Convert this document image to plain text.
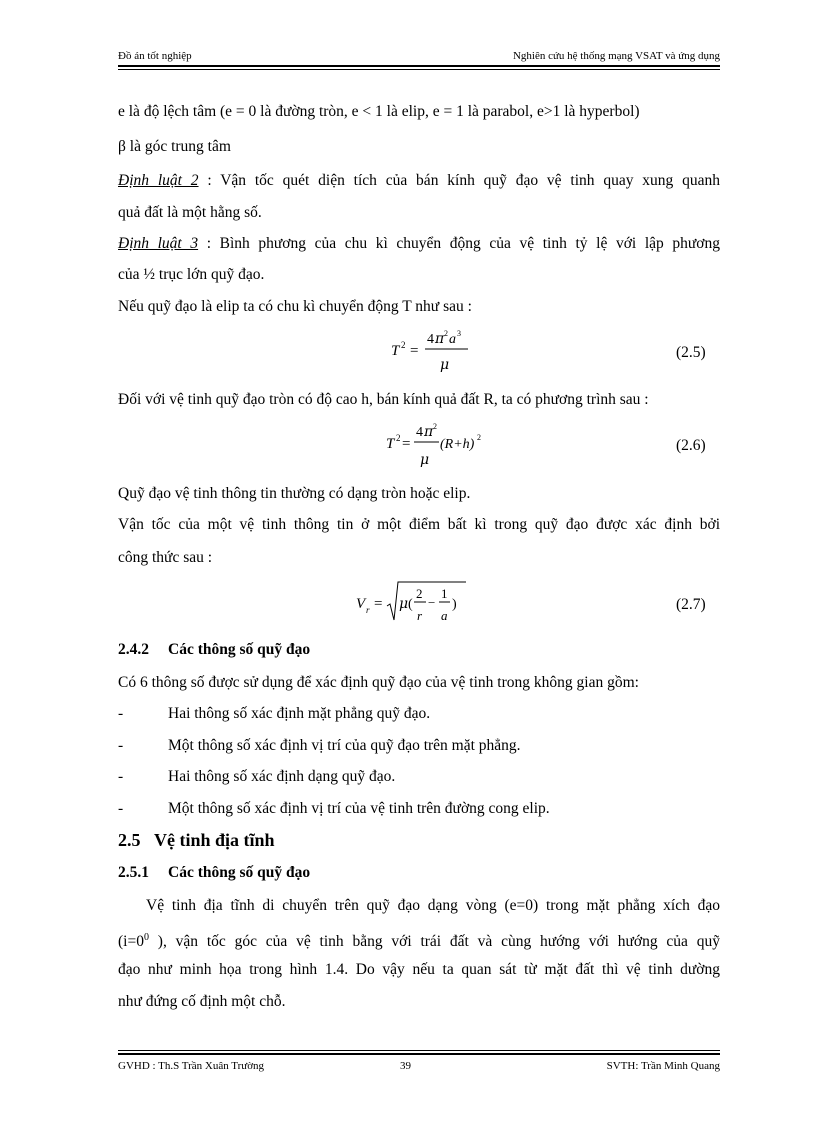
Đồ án tốt nghiệp	Nghiên cứu hệ thống mạng VSAT và ứng dụng
e là độ lệch tâm (e = 0 là đường tròn, e < 1 là elip, e = 1 là parabol, e>1 là hyperbol)
β là góc trung tâm
Định luật 2 : Vận tốc quét diện tích của bán kính quỹ đạo vệ tinh quay xung quanh
quả đất là một hằng số.
Định luật 3 : Bình phương của chu kì chuyển động của vệ tinh tỷ lệ với lập phương
của ½ trục lớn quỹ đạo.
Nếu quỹ đạo là elip ta có chu kì chuyển động T như sau :
T 2 =
4 π 2 a 3
μ
(2.5)
Đối với vệ tinh quỹ đạo tròn có độ cao h, bán kính quả đất R, ta có phương trình sau :
T 2 =
4 π 2
μ
(R+h) 2	(2.6)
Quỹ đạo vệ tinh thông tin thường có dạng tròn hoặc elip.
Vận tốc của một vệ tinh thông tin ở một điểm bất kì trong quỹ đạo được xác định bởi
công thức sau :
V r = μ (
2
r
−
1
a
)	(2.7)
2.4.2 Các thông số quỹ đạo
Có 6 thông số được sử dụng để xác định quỹ đạo của vệ tinh trong không gian gồm:
-	Hai thông số xác định mặt phẳng quỹ đạo.
-	Một thông số xác định vị trí của quỹ đạo trên mặt phẳng.
-	Hai thông số xác định dạng quỹ đạo.
-	Một thông số xác định vị trí của vệ tinh trên đường cong elip.
2.5 Vệ tinh địa tĩnh
2.5.1 Các thông số quỹ đạo
Vệ tinh địa tĩnh di chuyển trên quỹ đạo dạng vòng (e=0) trong mặt phẳng xích đạo
($i=0^0$ ), vận tốc góc của vệ tinh bằng với trái đất và cùng hướng với hướng của quỹ
đạo như minh họa trong hình 1.4. Do vậy nếu ta quan sát từ mặt đất thì vệ tinh dường
như đứng cố định một chỗ.
GVHD : Th.S Trần Xuân Trường	39	SVTH: Trần Minh Quang
